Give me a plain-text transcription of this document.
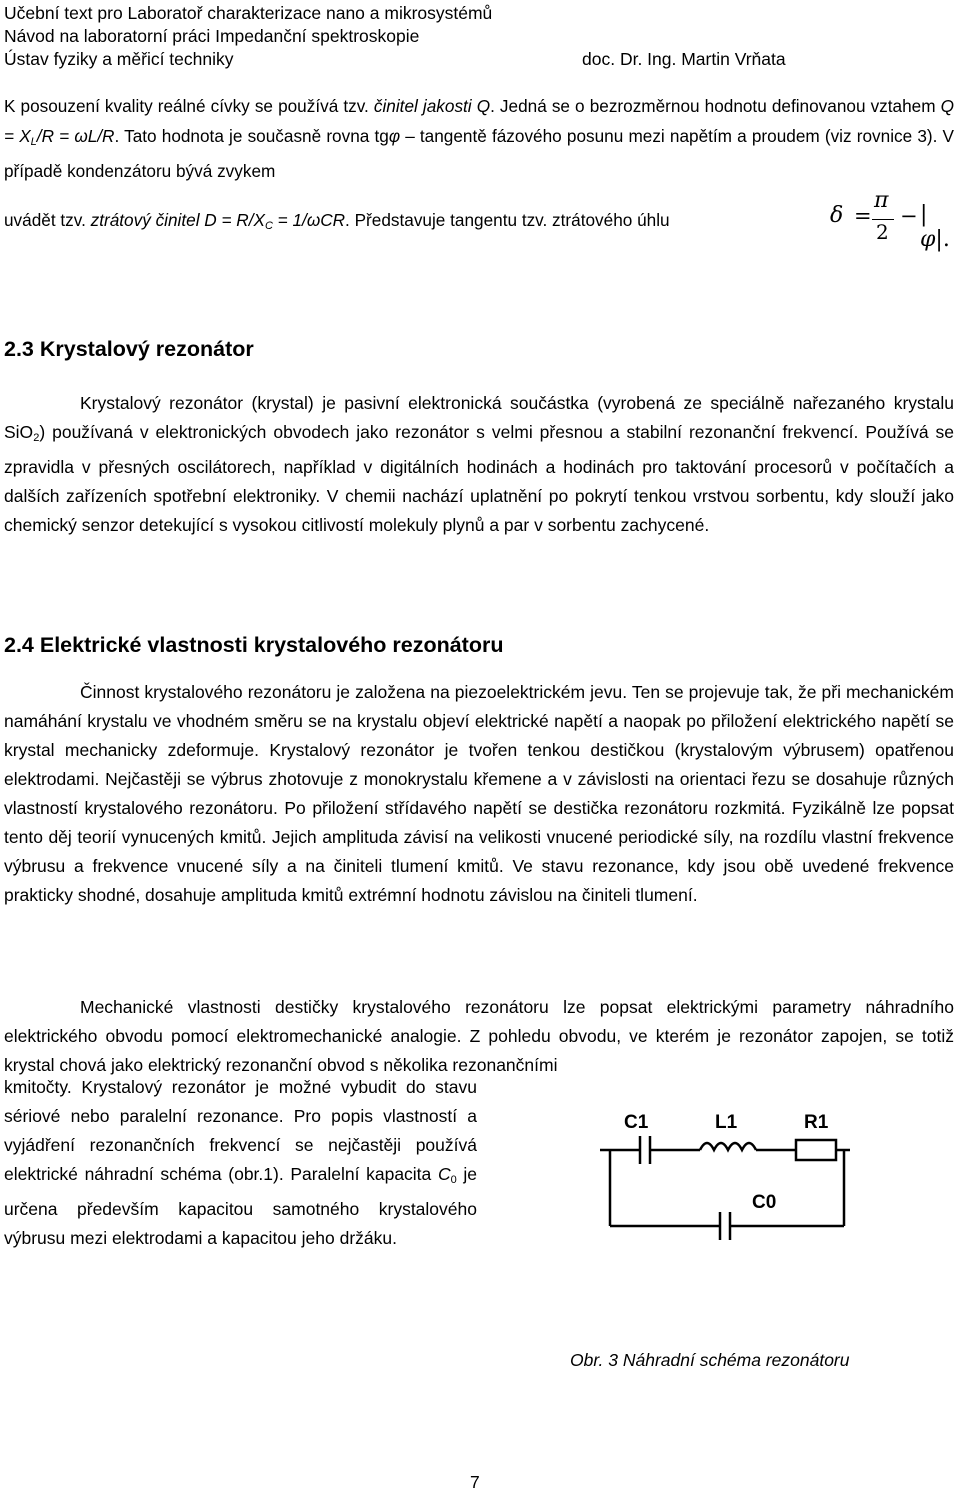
Učební text pro Laboratoř charakterizace nano a mikrosystémů
Návod na laboratorní práci Impedanční spektroskopie
Ústav fyziky a měřicí techniky	doc. Dr. Ing. Martin Vrňata
K posouzení kvality reálné cívky se používá tzv. činitel jakosti Q. Jedná se o bezrozměrnou hodnotu definovanou vztahem $Q = X_L/R = \omega L/R$. Tato hodnota je současně rovna tgφ – tangentě fázového posunu mezi napětím a proudem (viz rovnice 3). V případě kondenzátoru bývá zvykem
uvádět tzv. ztrátový činitel $D = R/X_C = 1/\omega CR$. Představuje tangentu tzv. ztrátového úhlu	δ =
π
2
− |φ|.
2.3 Krystalový rezonátor
Krystalový rezonátor (krystal) je pasivní elektronická součástka (vyrobená ze speciálně nařezaného krystalu SiO$_2$) používaná v elektronických obvodech jako rezonátor s velmi přesnou a stabilní rezonanční frekvencí. Používá se zpravidla v přesných oscilátorech, například v digitálních hodinách a hodinách pro taktování procesorů v počítačích a dalších zařízeních spotřební elektroniky. V chemii nachází uplatnění po pokrytí tenkou vrstvou sorbentu, kdy slouží jako chemický senzor detekující s vysokou citlivostí molekuly plynů a par v sorbentu zachycené.
2.4 Elektrické vlastnosti krystalového rezonátoru
Činnost krystalového rezonátoru je založena na piezoelektrickém jevu. Ten se projevuje tak, že při mechanickém namáhání krystalu ve vhodném směru se na krystalu objeví elektrické napětí a naopak po přiložení elektrického napětí se krystal mechanicky zdeformuje. Krystalový rezonátor je tvořen tenkou destičkou (krystalovým výbrusem) opatřenou elektrodami. Nejčastěji se výbrus zhotovuje z monokrystalu křemene a v závislosti na orientaci řezu se dosahuje různých vlastností krystalového rezonátoru. Po přiložení střídavého napětí se destička rezonátoru rozkmitá. Fyzikálně lze popsat tento děj teorií vynucených kmitů. Jejich amplituda závisí na velikosti vnucené periodické síly, na rozdílu vlastní frekvence výbrusu a frekvence vnucené síly a na činiteli tlumení kmitů. Ve stavu rezonance, kdy jsou obě uvedené frekvence prakticky shodné, dosahuje amplituda kmitů extrémní hodnotu závislou na činiteli tlumení.
Mechanické vlastnosti destičky krystalového rezonátoru lze popsat elektrickými parametry náhradního elektrického obvodu pomocí elektromechanické analogie. Z pohledu obvodu, ve kterém je rezonátor zapojen, se totiž krystal chová jako elektrický rezonanční obvod s několika rezonančními
kmitočty. Krystalový rezonátor je možné vybudit do stavu sériové nebo paralelní rezonance. Pro popis vlastností a vyjádření rezonančních frekvencí se nejčastěji používá elektrické náhradní schéma (obr.1). Paralelní kapacita $C_0$ je určena především kapacitou samotného krystalového výbrusu mezi elektrodami a kapacitou jeho držáku.
C1	L1	R1
C0
Obr. 3 Náhradní schéma rezonátoru
7
